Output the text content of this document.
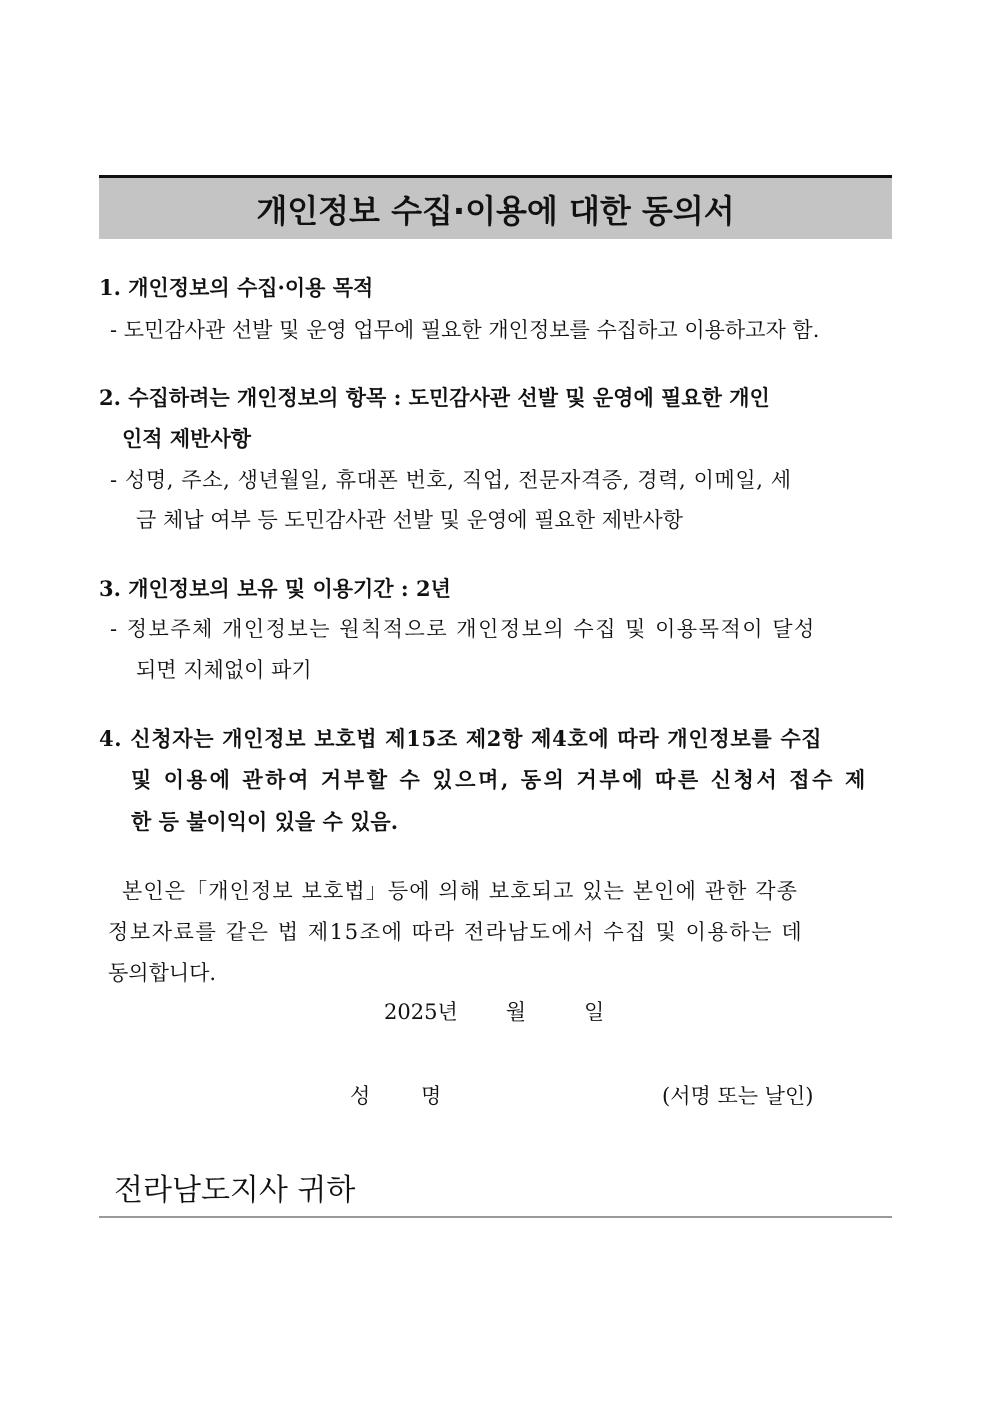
개인정보 수집·이용에 대한 동의서
1. 개인정보의 수집·이용 목적
- 도민감사관 선발 및 운영 업무에 필요한 개인정보를 수집하고 이용하고자 함.
2. 수집하려는 개인정보의 항목 : 도민감사관 선발 및 운영에 필요한 개인
인적 제반사항
- 성명, 주소, 생년월일, 휴대폰 번호, 직업, 전문자격증, 경력, 이메일, 세
금 체납 여부 등 도민감사관 선발 및 운영에 필요한 제반사항
3. 개인정보의 보유 및 이용기간 : 2년
- 정보주체 개인정보는 원칙적으로 개인정보의 수집 및 이용목적이 달성
되면 지체없이 파기
4. 신청자는 개인정보 보호법 제15조 제2항 제4호에 따라 개인정보를 수집
및 이용에 관하여 거부할 수 있으며, 동의 거부에 따른 신청서 접수 제
한 등 불이익이 있을 수 있음.
본인은「개인정보 보호법」등에 의해 보호되고 있는 본인에 관한 각종
정보자료를 같은 법 제15조에 따라 전라남도에서 수집 및 이용하는 데
동의합니다.
2025년 월	일
성 명	(서명 또는 날인)
전라남도지사 귀하
